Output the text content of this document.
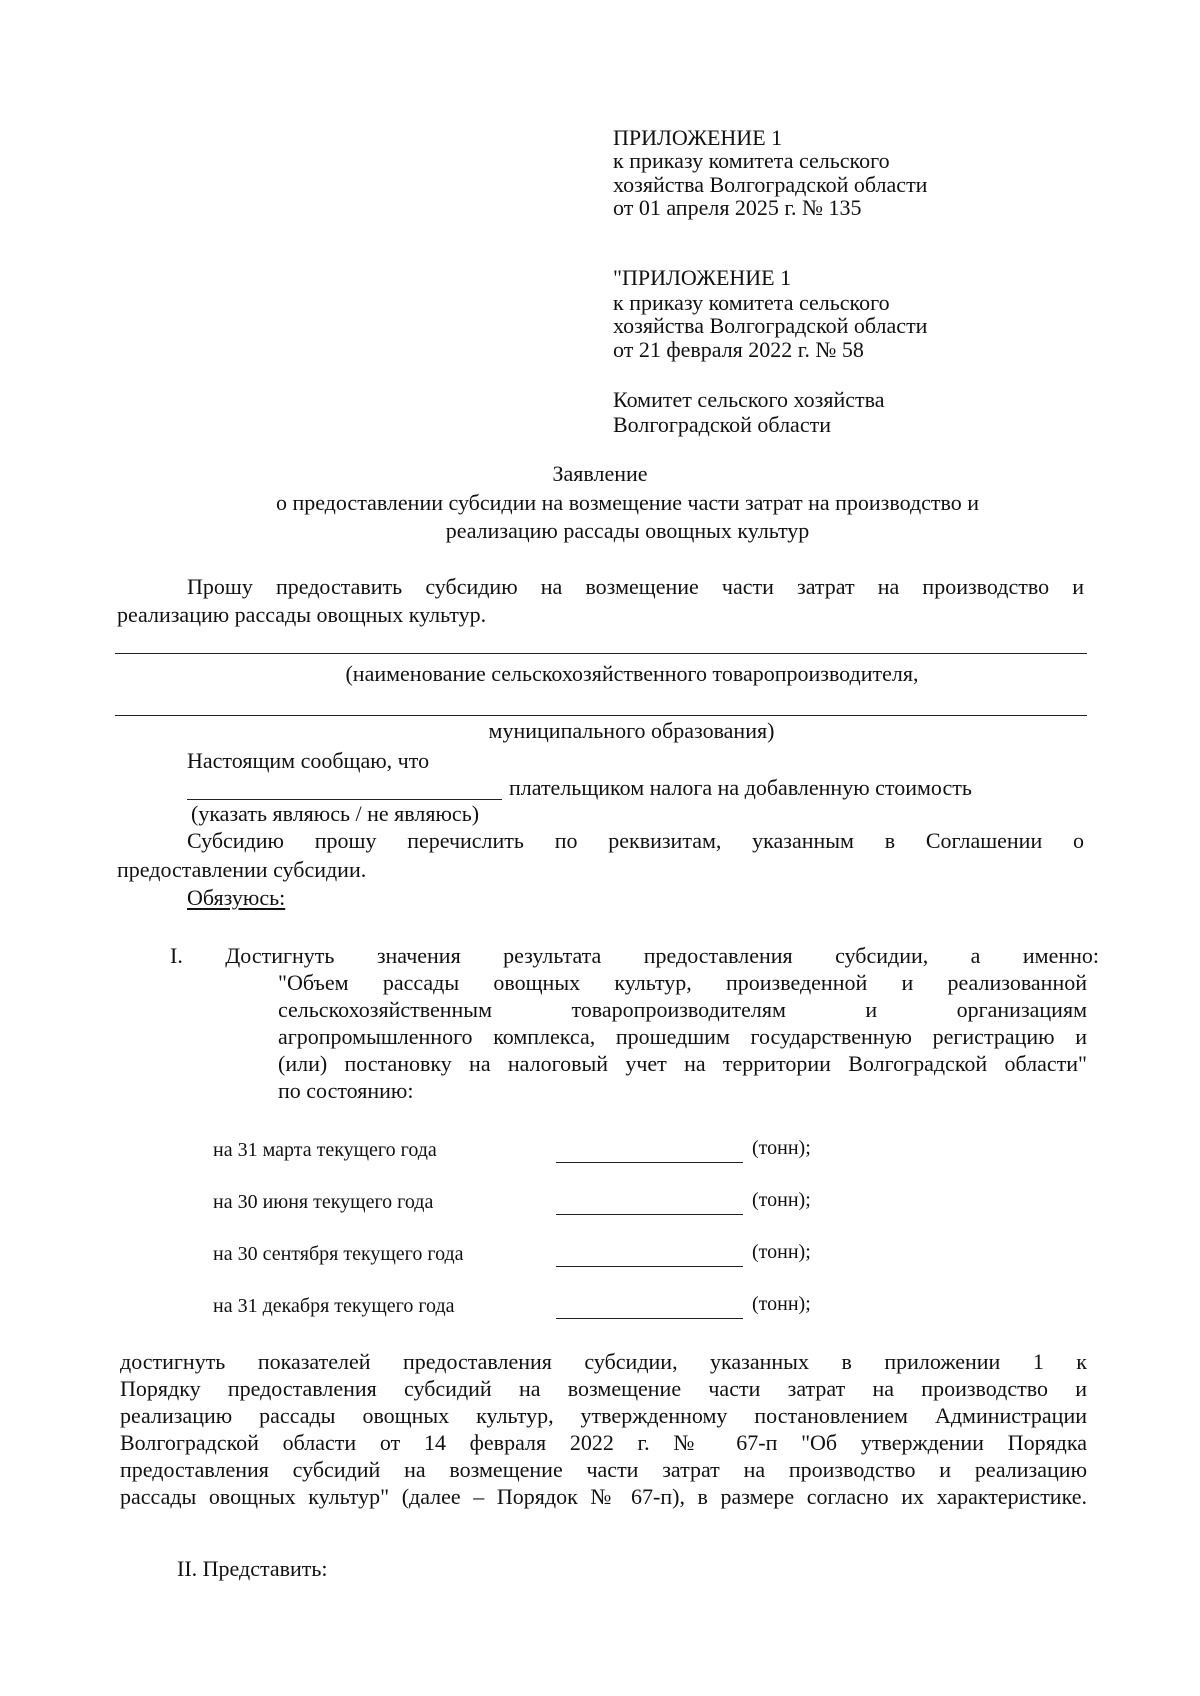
ПРИЛОЖЕНИЕ 1
к приказу комитета сельского
хозяйства Волгоградской области
от 01 апреля 2025 г. № 135
"ПРИЛОЖЕНИЕ 1
к приказу комитета сельского
хозяйства Волгоградской области
от 21 февраля 2022 г. № 58
Комитет сельского хозяйства
Волгоградской области
Заявление
о предоставлении субсидии на возмещение части затрат на производство и
реализацию рассады овощных культур
Прошу предоставить субсидию на возмещение части затрат на производство и
реализацию рассады овощных культур.
(наименование сельскохозяйственного товаропроизводителя,
муниципального образования)
Настоящим сообщаю, что
плательщиком налога на добавленную стоимость
(указать являюсь / не являюсь)
Субсидию прошу перечислить по реквизитам, указанным в Соглашении о
предоставлении субсидии.
Обязуюсь:
I. Достигнуть значения результата предоставления субсидии, а именно:
"Объем рассады овощных культур, произведенной и реализованной
сельскохозяйственным товаропроизводителям и организациям
агропромышленного комплекса, прошедшим государственную регистрацию и
(или) постановку на налоговый учет на территории Волгоградской области"
по состоянию:
на 31 марта текущего года	(тонн);
на 30 июня текущего года	(тонн);
на 30 сентября текущего года	(тонн);
на 31 декабря текущего года	(тонн);
достигнуть показателей предоставления субсидии, указанных в приложении 1 к
Порядку предоставления субсидий на возмещение части затрат на производство и
реализацию рассады овощных культур, утвержденному постановлением Администрации
Волгоградской области от 14 февраля 2022 г. № 67-п "Об утверждении Порядка
предоставления субсидий на возмещение части затрат на производство и реализацию
рассады овощных культур" (далее – Порядок № 67-п), в размере согласно их характеристике.
II. Представить:
